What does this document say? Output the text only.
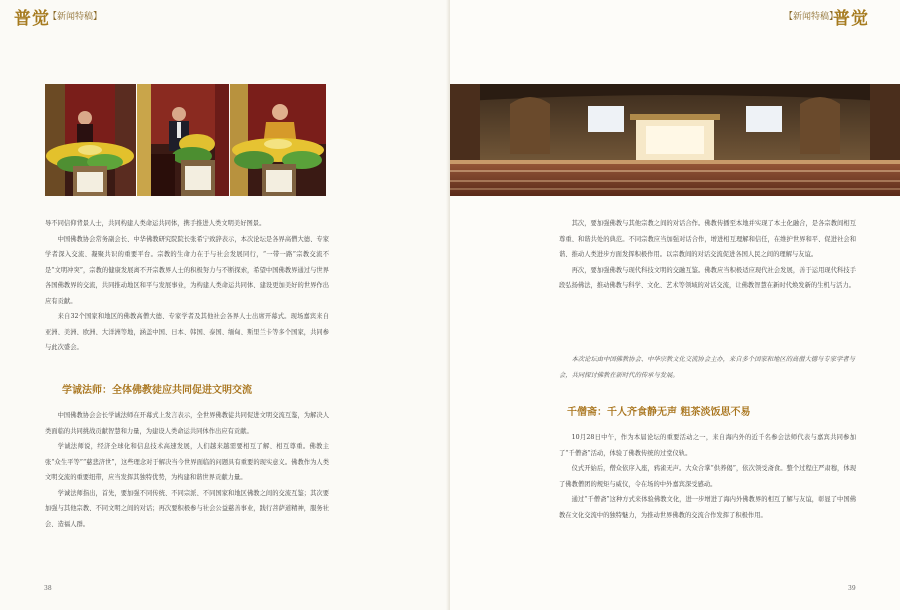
普觉
【新闻特稿】

导不同信仰背景人士，共同构建人类命运共同体，携手推进人类文明美好图景。

中国佛教协会常务副会长、中华佛教研究院院长张希宁致辞表示，本次论坛是各界高僧大德、专家学者深入交流、凝聚共识的重要平台。宗教的生命力在于与社会发展同行，“一带一路”宗教交流不是“文明冲突”，宗教的健康发展离不开宗教界人士的积极努力与不断探索，希望中国佛教界通过与世界各国佛教界的交流，共同推动地区和平与发展事业，为构建人类命运共同体、建设更加美好的世界作出应有贡献。

来自32个国家和地区的佛教高僧大德、专家学者及其他社会各界人士出席开幕式。现场嘉宾来自亚洲、美洲、欧洲、大洋洲等地，涵盖中国、日本、韩国、泰国、缅甸、斯里兰卡等多个国家，共同参与此次盛会。

学诚法师：全体佛教徒应共同促进文明交流

中国佛教协会会长学诚法师在开幕式上发言表示，全世界佛教徒共同促进文明交流互鉴，为解决人类面临的共同挑战贡献智慧和力量，为建设人类命运共同体作出应有贡献。

学诚法师说，经济全球化和信息技术高速发展，人们越来越需要相互了解、相互尊重。佛教主张“众生平等”“慈悲济世”，这些理念对于解决当今世界面临的问题具有重要的现实意义。佛教作为人类文明交流的重要纽带，应当发挥其独特优势，为构建和谐世界贡献力量。

学诚法师指出，首先，要加强不同传统、不同宗派、不同国家和地区佛教之间的交流互鉴；其次要加强与其他宗教、不同文明之间的对话；再次要积极参与社会公益慈善事业，践行菩萨道精神，服务社会、造福人群。

38
【新闻特稿】
普觉

其次，要加强佛教与其他宗教之间的对话合作。佛教传播至本地并实现了本土化融合，是各宗教间相互尊重、和谐共处的典范。不同宗教应当加强对话合作，增进相互理解和信任，在维护世界和平、促进社会和谐、推动人类进步方面发挥积极作用。以宗教间的对话交流促进各国人民之间的理解与友谊。

再次，要加强佛教与现代科技文明的交融互鉴。佛教应当积极适应现代社会发展，善于运用现代科技手段弘扬佛法，推动佛教与科学、文化、艺术等领域的对话交流，让佛教智慧在新时代焕发新的生机与活力。

本次论坛由中国佛教协会、中华宗教文化交流协会主办，来自多个国家和地区的高僧大德与专家学者与会，共同探讨佛教在新时代的传承与发展。
千僧斋：千人齐食静无声 粗茶淡饭思不易

10月28日中午，作为本届论坛的重要活动之一，来自海内外的近千名参会法师代表与嘉宾共同参加了“千僧斋”活动，体验了佛教传统的过堂仪轨。

仪式开始后，僧众依序入座，鸦雀无声。大众合掌“供养偈”，依次领受斋食。整个过程庄严肃穆，体现了佛教僧团的规矩与威仪，令在场的中外嘉宾深受感动。

通过“千僧斋”这种方式来体验佛教文化，进一步增进了海内外佛教界的相互了解与友谊，彰显了中国佛教在文化交流中的独特魅力，为推动世界佛教的交流合作发挥了积极作用。

39
